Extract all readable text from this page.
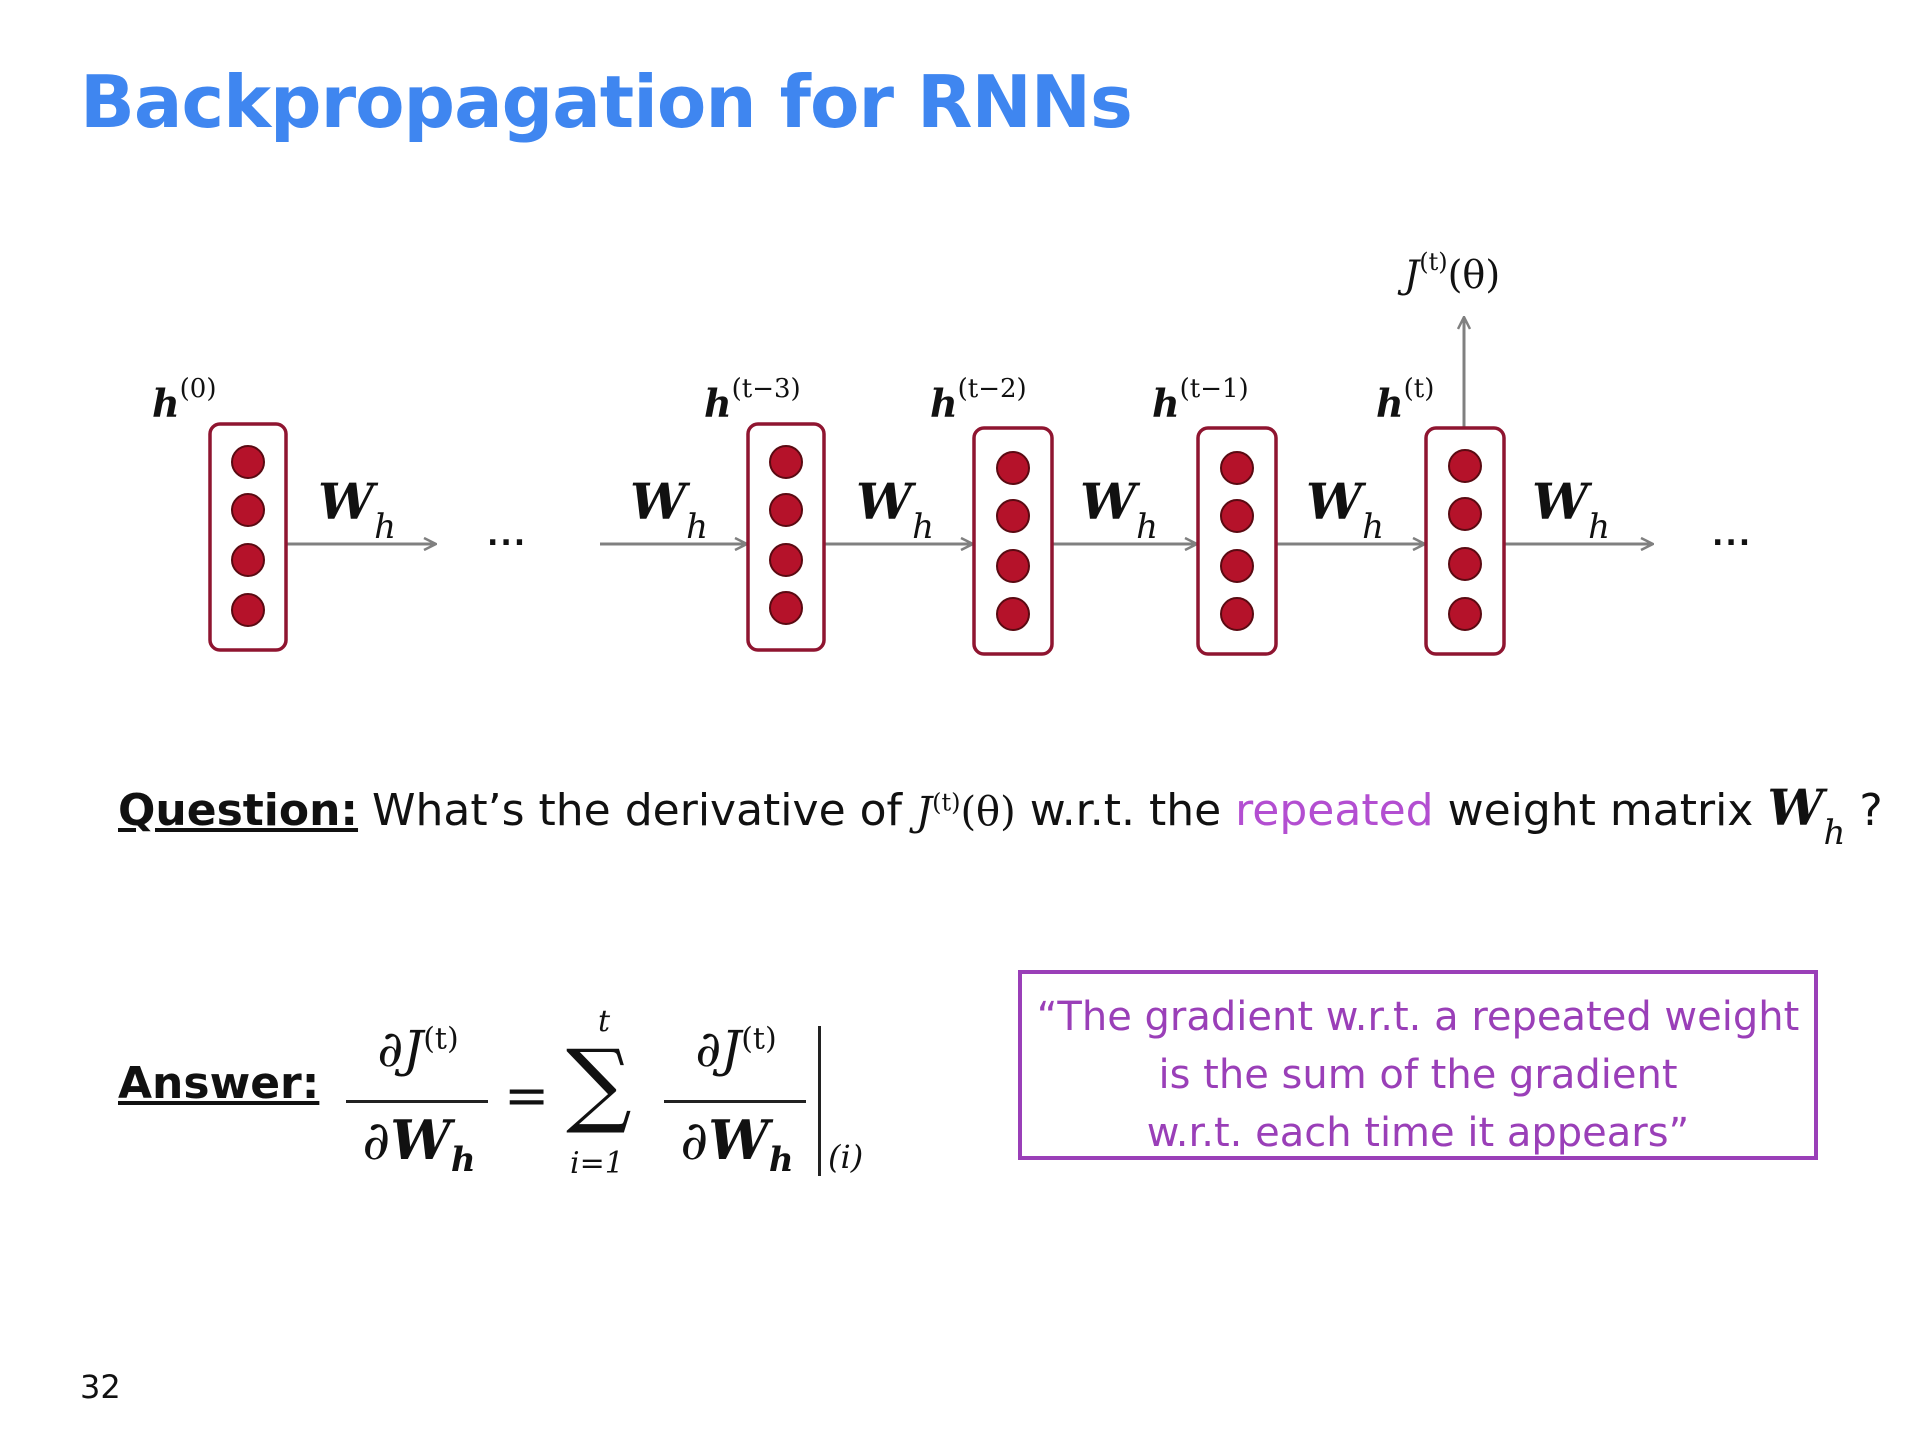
Backpropagation for RNNs
$h^{(0)}$	$h^{(t-3)}$	$h^{(t-2)}$	$h^{(t-1)}$	$h^{(t)}$
$J^{(t)}(\theta)$
$W_h$	$W_h$	$W_h$	$W_h$	$W_h$	$W_h$
...	...
Question: What’s the derivative of $J^{(t)}(\theta)$ w.r.t. the repeated weight matrix $W_h$ ?
Answer:
$\partial J^{(t)}$
$\partial W_h$
=
t
∑
i=1
$\partial J^{(t)}$
$\partial W_h$	(i)
“The gradient w.r.t. a repeated weight
is the sum of the gradient
w.r.t. each time it appears”
32
